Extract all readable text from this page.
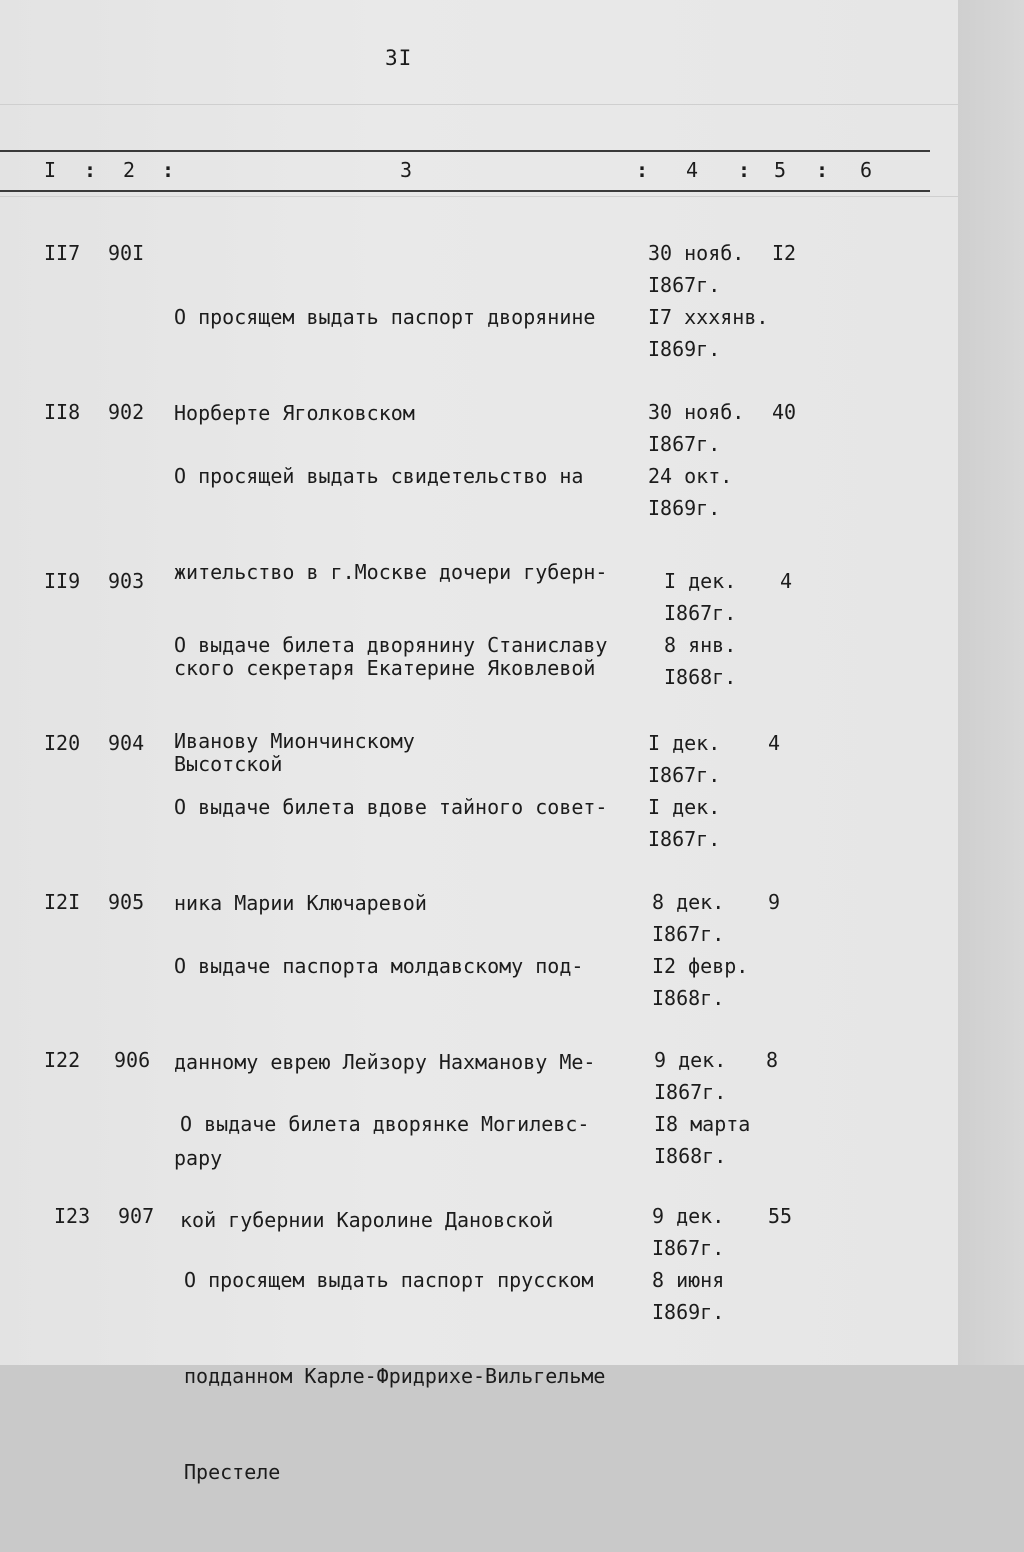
3I
I : 2 :	3	: 4 : 5 : 6
II7 90I

О просящем выдать паспорт дворянине

Норберте Яголковском

30 нояб.
I867г.
I7 хххянв.
I869г.
I2
II8 902

О просящей выдать свидетельство на

жительство в г.Москве дочери губерн-

ского секретаря Екатерине Яковлевой

Высотской

30 нояб.
I867г.
24 окт.
I869г.
40
II9 903

О выдаче билета дворянину Станиславу

Иванову Миончинскому

I дек.
I867г.
8 янв.
I868г.
4
I20 904

О выдаче билета вдове тайного совет-

ника Марии Ключаревой

I дек.
I867г.
I дек.
I867г.
4
I2I 905

О выдаче паспорта молдавскому под-

данному еврею Лейзору Нахманову Ме-

рару

8 дек.
I867г.
I2 февр.
I868г.
9
I22 906

О выдаче билета дворянке Могилевс-

кой губернии Каролине Дановской

9 дек.
I867г.
I8 марта
I868г.
8
I23 907

О просящем выдать паспорт прусском

подданном Карле-Фридрихе-Вильгельме

Престеле

9 дек.
I867г.
8 июня
I869г.
55
